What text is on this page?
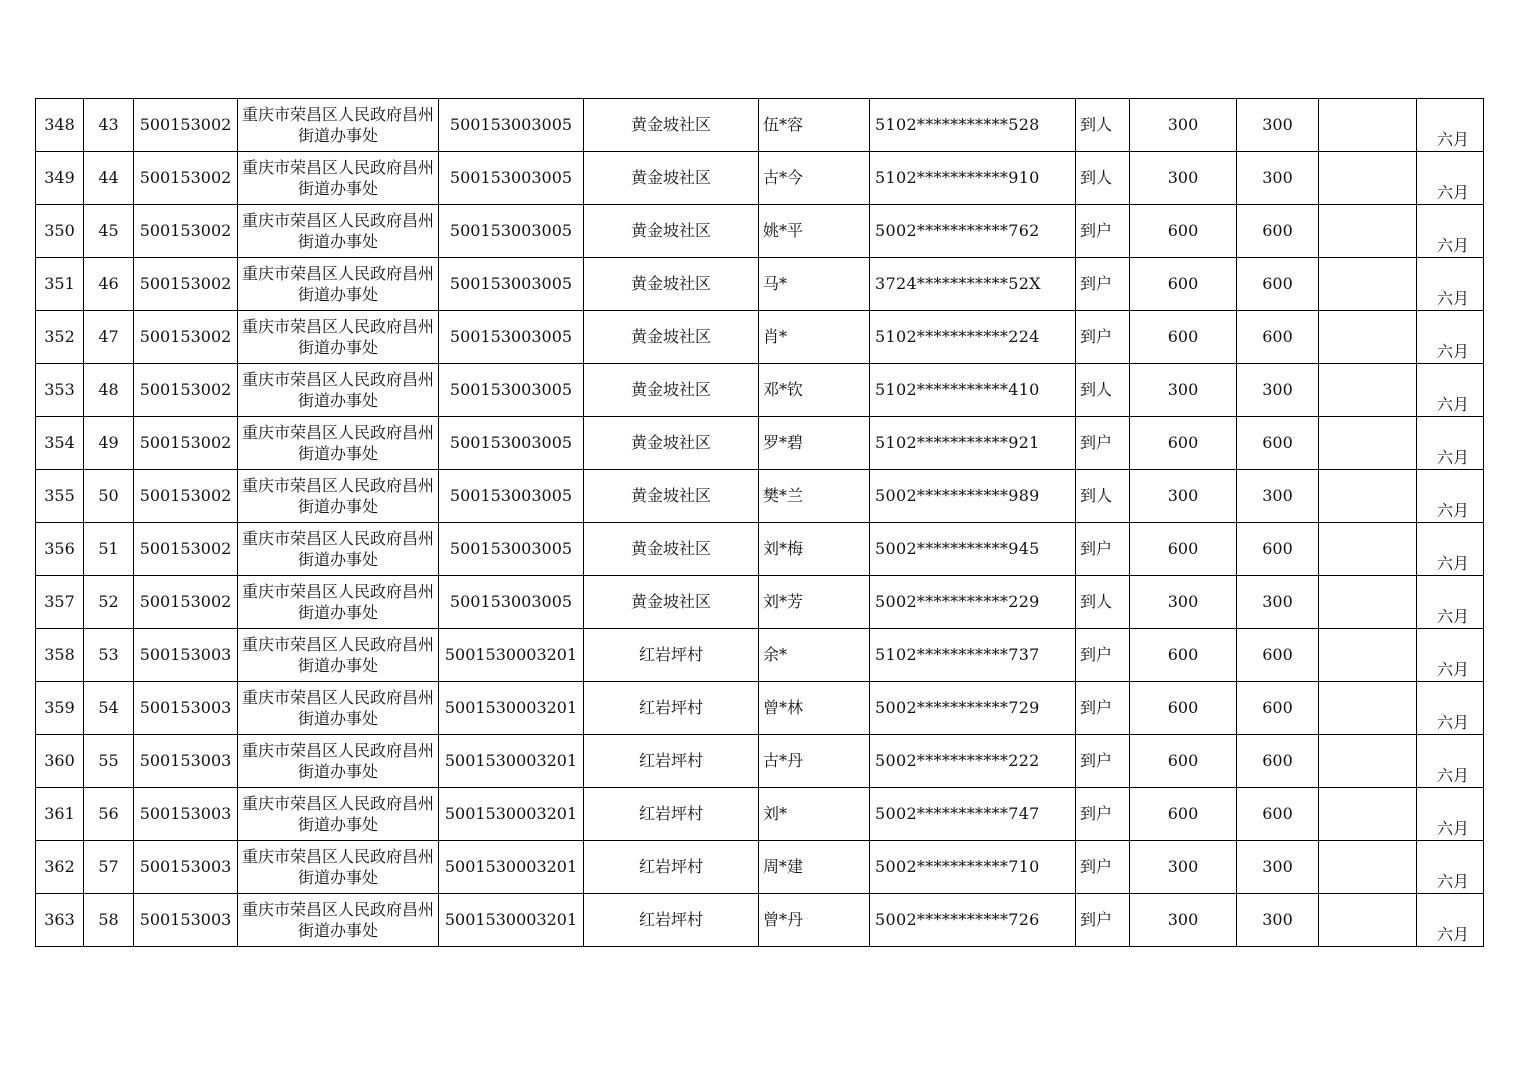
348	43	500153002	重庆市荣昌区人民政府昌州街道办事处	500153003005	黄金坡社区	伍*容	5102***********528	到人	300	300		六月
349	44	500153002	重庆市荣昌区人民政府昌州街道办事处	500153003005	黄金坡社区	古*今	5102***********910	到人	300	300		六月
350	45	500153002	重庆市荣昌区人民政府昌州街道办事处	500153003005	黄金坡社区	姚*平	5002***********762	到户	600	600		六月
351	46	500153002	重庆市荣昌区人民政府昌州街道办事处	500153003005	黄金坡社区	马*	3724***********52X	到户	600	600		六月
352	47	500153002	重庆市荣昌区人民政府昌州街道办事处	500153003005	黄金坡社区	肖*	5102***********224	到户	600	600		六月
353	48	500153002	重庆市荣昌区人民政府昌州街道办事处	500153003005	黄金坡社区	邓*钦	5102***********410	到人	300	300		六月
354	49	500153002	重庆市荣昌区人民政府昌州街道办事处	500153003005	黄金坡社区	罗*碧	5102***********921	到户	600	600		六月
355	50	500153002	重庆市荣昌区人民政府昌州街道办事处	500153003005	黄金坡社区	樊*兰	5002***********989	到人	300	300		六月
356	51	500153002	重庆市荣昌区人民政府昌州街道办事处	500153003005	黄金坡社区	刘*梅	5002***********945	到户	600	600		六月
357	52	500153002	重庆市荣昌区人民政府昌州街道办事处	500153003005	黄金坡社区	刘*芳	5002***********229	到人	300	300		六月
358	53	500153003	重庆市荣昌区人民政府昌州街道办事处	5001530003201	红岩坪村	余*	5102***********737	到户	600	600		六月
359	54	500153003	重庆市荣昌区人民政府昌州街道办事处	5001530003201	红岩坪村	曾*林	5002***********729	到户	600	600		六月
360	55	500153003	重庆市荣昌区人民政府昌州街道办事处	5001530003201	红岩坪村	古*丹	5002***********222	到户	600	600		六月
361	56	500153003	重庆市荣昌区人民政府昌州街道办事处	5001530003201	红岩坪村	刘*	5002***********747	到户	600	600		六月
362	57	500153003	重庆市荣昌区人民政府昌州街道办事处	5001530003201	红岩坪村	周*建	5002***********710	到户	300	300		六月
363	58	500153003	重庆市荣昌区人民政府昌州街道办事处	5001530003201	红岩坪村	曾*丹	5002***********726	到户	300	300		六月
